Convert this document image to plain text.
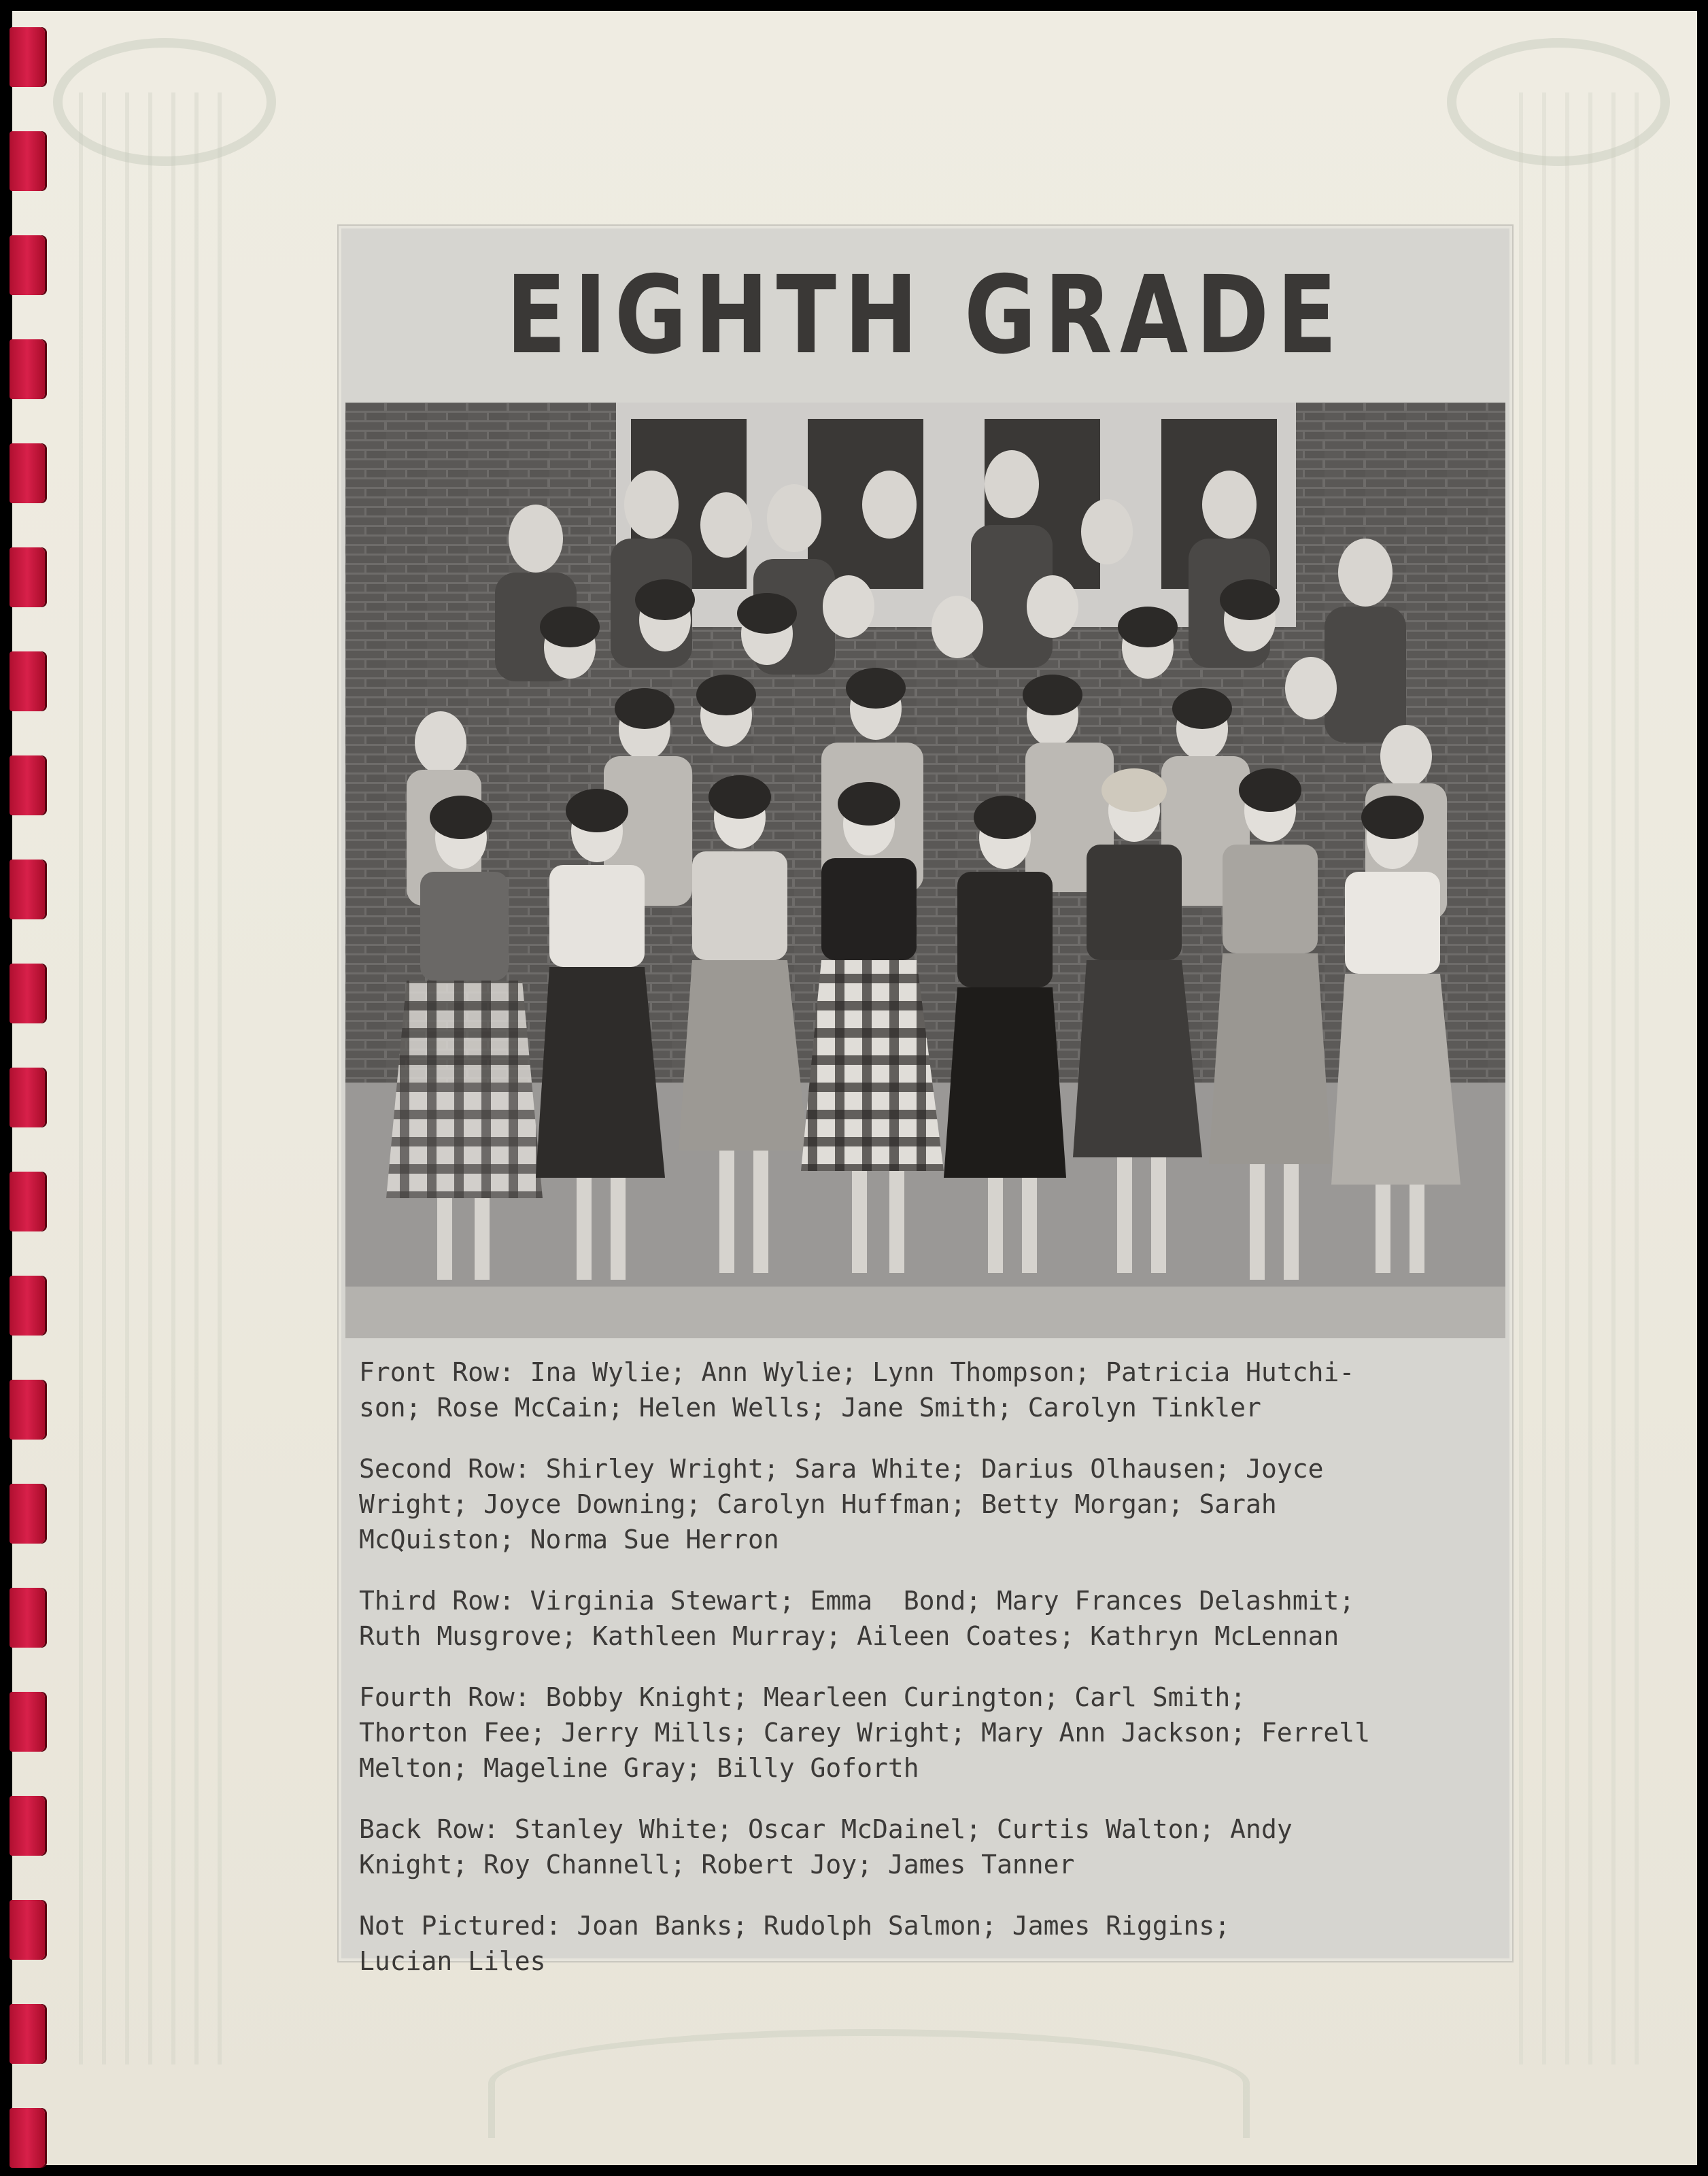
EIGHTH GRADE

Front Row: Ina Wylie; Ann Wylie; Lynn Thompson; Patricia Hutchi-
son; Rose McCain; Helen Wells; Jane Smith; Carolyn Tinkler

Second Row: Shirley Wright; Sara White; Darius Olhausen; Joyce
Wright; Joyce Downing; Carolyn Huffman; Betty Morgan; Sarah
McQuiston; Norma Sue Herron

Third Row: Virginia Stewart; Emma  Bond; Mary Frances Delashmit;
Ruth Musgrove; Kathleen Murray; Aileen Coates; Kathryn McLennan

Fourth Row: Bobby Knight; Mearleen Curington; Carl Smith;
Thorton Fee; Jerry Mills; Carey Wright; Mary Ann Jackson; Ferrell
Melton; Mageline Gray; Billy Goforth

Back Row: Stanley White; Oscar McDainel; Curtis Walton; Andy
Knight; Roy Channell; Robert Joy; James Tanner

Not Pictured: Joan Banks; Rudolph Salmon; James Riggins;
Lucian Liles
